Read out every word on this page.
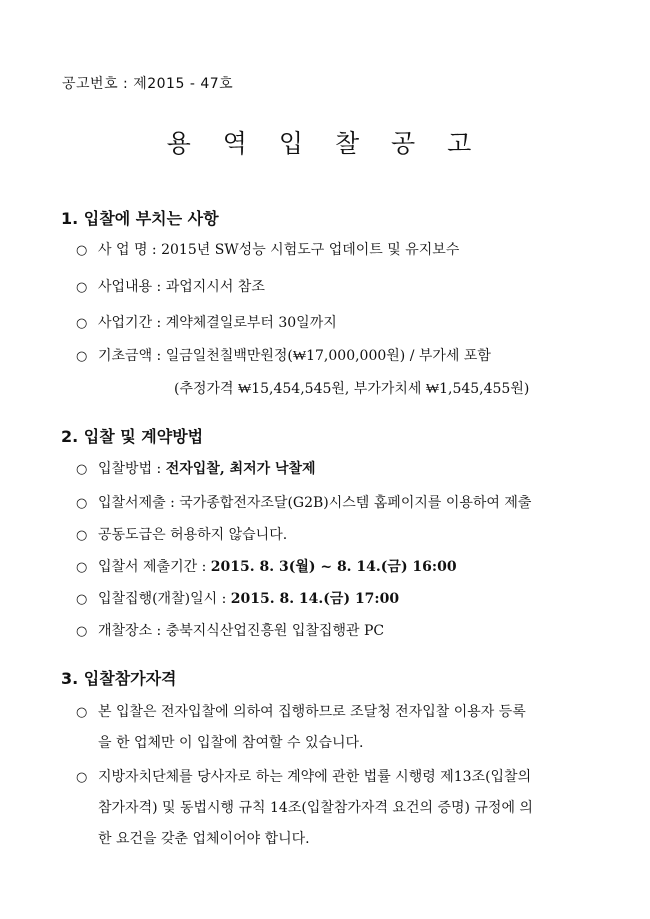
공고번호 : 제2015 - 47호
용 역 입 찰 공 고
1. 입찰에 부치는 사항
○ 사 업 명 : 2015년 SW성능 시험도구 업데이트 및 유지보수
○ 사업내용 : 과업지시서 참조
○ 사업기간 : 계약체결일로부터 30일까지
○ 기초금액 : 일금일천칠백만원정(₩17,000,000원) / 부가세 포함
(추정가격 ₩15,454,545원, 부가가치세 ₩1,545,455원)
2. 입찰 및 계약방법
○ 입찰방법 : 전자입찰, 최저가 낙찰제
○ 입찰서제출 : 국가종합전자조달(G2B)시스템 홈페이지를 이용하여 제출
○ 공동도급은 허용하지 않습니다.
○ 입찰서 제출기간 : 2015. 8. 3(월) ~ 8. 14.(금) 16:00
○ 입찰집행(개찰)일시 : 2015. 8. 14.(금) 17:00
○ 개찰장소 : 충북지식산업진흥원 입찰집행관 PC
3. 입찰참가자격
○ 본 입찰은 전자입찰에 의하여 집행하므로 조달청 전자입찰 이용자 등록
을 한 업체만 이 입찰에 참여할 수 있습니다.
○ 지방자치단체를 당사자로 하는 계약에 관한 법률 시행령 제13조(입찰의
참가자격) 및 동법시행 규칙 14조(입찰참가자격 요건의 증명) 규정에 의
한 요건을 갖춘 업체이어야 합니다.
